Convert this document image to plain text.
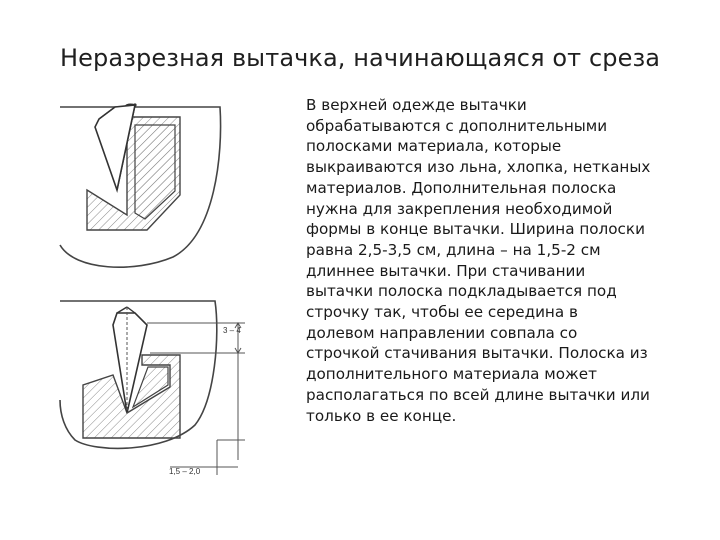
Неразрезная вытачка, начинающаяся от среза
3 – 4
1,5 – 2,0

В верхней одежде вытачки обрабатываются с дополнительными полосками материала, которые выкраиваются изо льна, хлопка, нетканых материалов. Дополнительная полоска нужна для закрепления необходимой формы в конце вытачки. Ширина полоски равна 2,5-3,5 см, длина – на 1,5-2 см длиннее вытачки. При стачивании вытачки полоска подкладывается под строчку так, чтобы ее середина в долевом направлении совпала со строчкой стачивания вытачки. Полоска из дополнительного материала может располагаться по всей длине вытачки или только в ее конце.
